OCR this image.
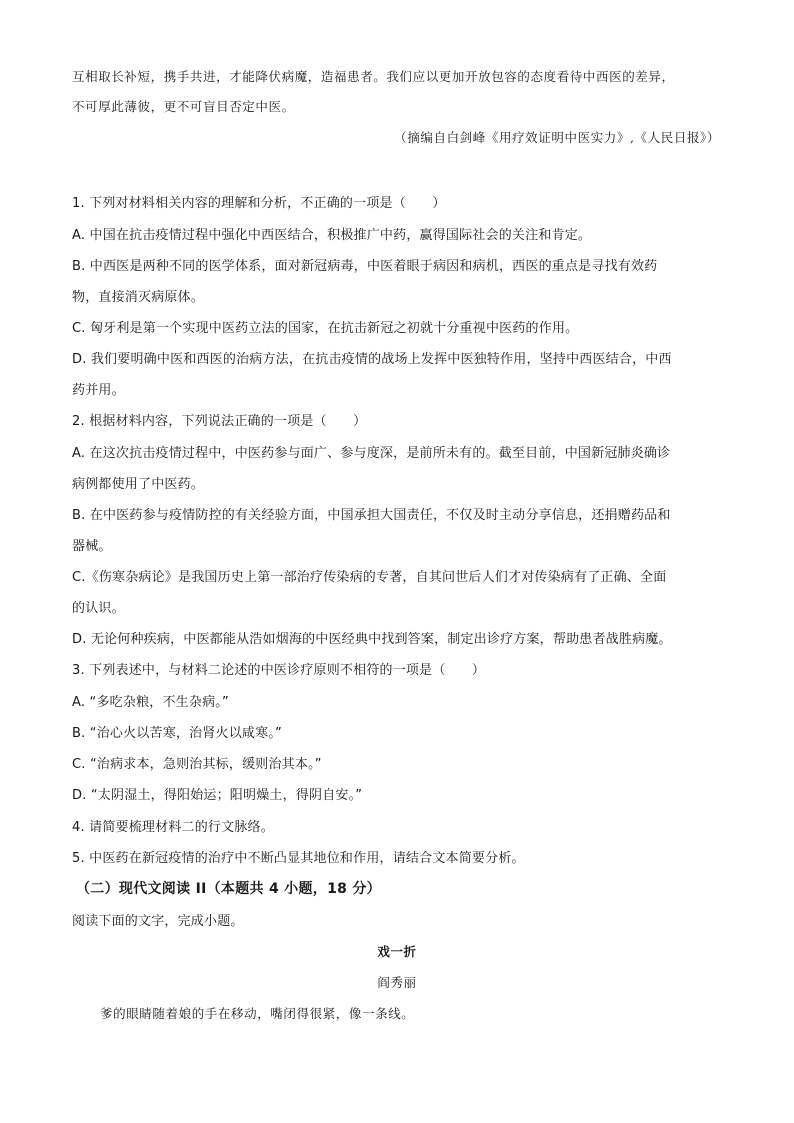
互相取长补短，携手共进，才能降伏病魔，造福患者。我们应以更加开放包容的态度看待中西医的差异，
不可厚此薄彼，更不可盲目否定中医。
（摘编自白剑峰《用疗效证明中医实力》,《人民日报》）
1. 下列对材料相关内容的理解和分析，不正确的一项是（　　）
A. 中国在抗击疫情过程中强化中西医结合，积极推广中药，赢得国际社会的关注和肯定。
B. 中西医是两种不同的医学体系，面对新冠病毒，中医着眼于病因和病机，西医的重点是寻找有效药
物，直接消灭病原体。
C. 匈牙利是第一个实现中医药立法的国家，在抗击新冠之初就十分重视中医药的作用。
D. 我们要明确中医和西医的治病方法，在抗击疫情的战场上发挥中医独特作用，坚持中西医结合，中西
药并用。
2. 根据材料内容，下列说法正确的一项是（　　）
A. 在这次抗击疫情过程中，中医药参与面广、参与度深，是前所未有的。截至目前，中国新冠肺炎确诊
病例都使用了中医药。
B. 在中医药参与疫情防控的有关经验方面，中国承担大国责任，不仅及时主动分享信息，还捐赠药品和
器械。
C.《伤寒杂病论》是我国历史上第一部治疗传染病的专著，自其问世后人们才对传染病有了正确、全面
的认识。
D. 无论何种疾病，中医都能从浩如烟海的中医经典中找到答案，制定出诊疗方案，帮助患者战胜病魔。
3. 下列表述中，与材料二论述的中医诊疗原则不相符的一项是（　　）
A. “多吃杂粮，不生杂病。”
B. “治心火以苦寒，治肾火以咸寒。”
C. “治病求本，急则治其标，缓则治其本。”
D. “太阴湿土，得阳始运；阳明燥土，得阴自安。”
4. 请简要梳理材料二的行文脉络。
5. 中医药在新冠疫情的治疗中不断凸显其地位和作用，请结合文本简要分析。
（二）现代文阅读 II（本题共 4 小题，18 分）
阅读下面的文字，完成小题。
戏一折
阎秀丽
爹的眼睛随着娘的手在移动，嘴闭得很紧，像一条线。
